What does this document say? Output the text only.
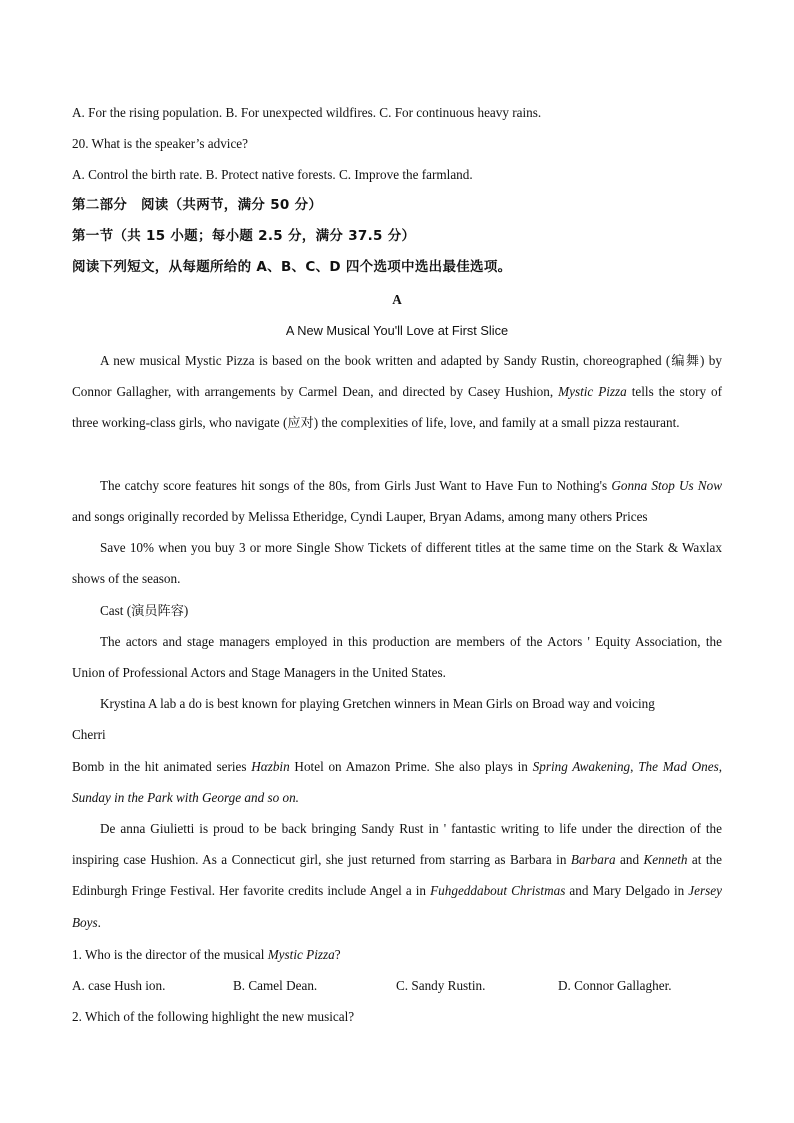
A. For the rising population. B. For unexpected wildfires. C. For continuous heavy rains.
20. What is the speaker’s advice?
A. Control the birth rate. B. Protect native forests. C. Improve the farmland.
第二部分　阅读（共两节，满分 50 分）
第一节（共 15 小题；每小题 2.5 分，满分 37.5 分）
阅读下列短文，从每题所给的 A、B、C、D 四个选项中选出最佳选项。
A
A New Musical You'll Love at First Slice
A new musical Mystic Pizza is based on the book written and adapted by Sandy Rustin, choreographed (编舞) by Connor Gallagher, with arrangements by Carmel Dean, and directed by Casey Hushion, Mystic Pizza tells the story of three working-class girls, who navigate (应对) the complexities of life, love, and family at a small pizza restaurant.
The catchy score features hit songs of the 80s, from Girls Just Want to Have Fun to Nothing's Gonna Stop Us Now and songs originally recorded by Melissa Etheridge, Cyndi Lauper, Bryan Adams, among many others Prices
Save 10% when you buy 3 or more Single Show Tickets of different titles at the same time on the Stark & Waxlax shows of the season.
Cast (演员阵容)
The actors and stage managers employed in this production are members of the Actors ' Equity Association, the Union of Professional Actors and Stage Managers in the United States.
Krystina A lab a do is best known for playing Gretchen winners in Mean Girls on Broad way and voicing
Cherri
Bomb in the hit animated series Hαzbin Hotel on Amazon Prime. She also plays in Spring Awakening, The Mad Ones, Sunday in the Park with George and so on.
De anna Giulietti is proud to be back bringing Sandy Rust in ' fantastic writing to life under the direction of the inspiring case Hushion. As a Connecticut girl, she just returned from starring as Barbara in Barbara and Kenneth at the Edinburgh Fringe Festival. Her favorite credits include Angel a in Fuhgeddabout Christmas and Mary Delgado in Jersey Boys.
1. Who is the director of the musical Mystic Pizza?
A. case Hush ion.	B. Camel Dean.	C. Sandy Rustin.	D. Connor Gallagher.
2. Which of the following highlight the new musical?
